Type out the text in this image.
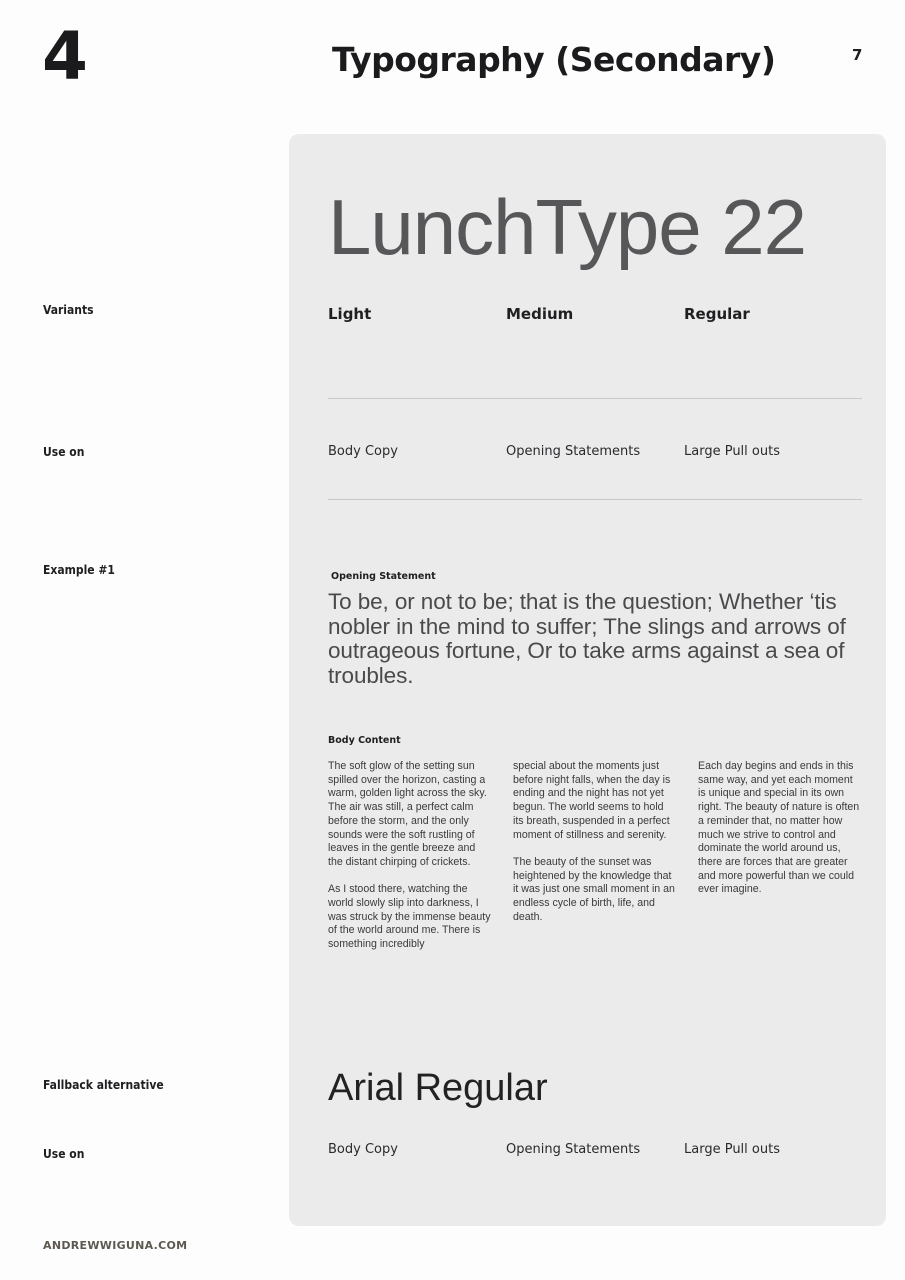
4	Typography (Secondary)	7
Variants
Use on
Example #1
Fallback alternative
Use on
LunchType 22
Light	Medium	Regular
Body Copy	Opening Statements	Large Pull outs
Opening Statement
To be, or not to be; that is the question; Whether ‘tis nobler in the mind to suffer; The slings and arrows of outrageous fortune, Or to take arms against a sea of troubles.
Body Content

The soft glow of the setting sun spilled over the horizon, casting a warm, golden light across the sky. The air was still, a perfect calm before the storm, and the only sounds were the soft rustling of leaves in the gentle breeze and the distant chirping of crickets.

As I stood there, watching the world slowly slip into darkness, I was struck by the immense beauty of the world around me. There is something incredibly

special about the moments just before night falls, when the day is ending and the night has not yet begun. The world seems to hold its breath, suspended in a perfect moment of stillness and serenity.

The beauty of the sunset was heightened by the knowledge that it was just one small moment in an endless cycle of birth, life, and death.

Each day begins and ends in this same way, and yet each moment is unique and special in its own right. The beauty of nature is often a reminder that, no matter how much we strive to control and dominate the world around us, there are forces that are greater and more powerful than we could ever imagine.

Arial Regular
Body Copy	Opening Statements	Large Pull outs
ANDREWWIGUNA.COM
